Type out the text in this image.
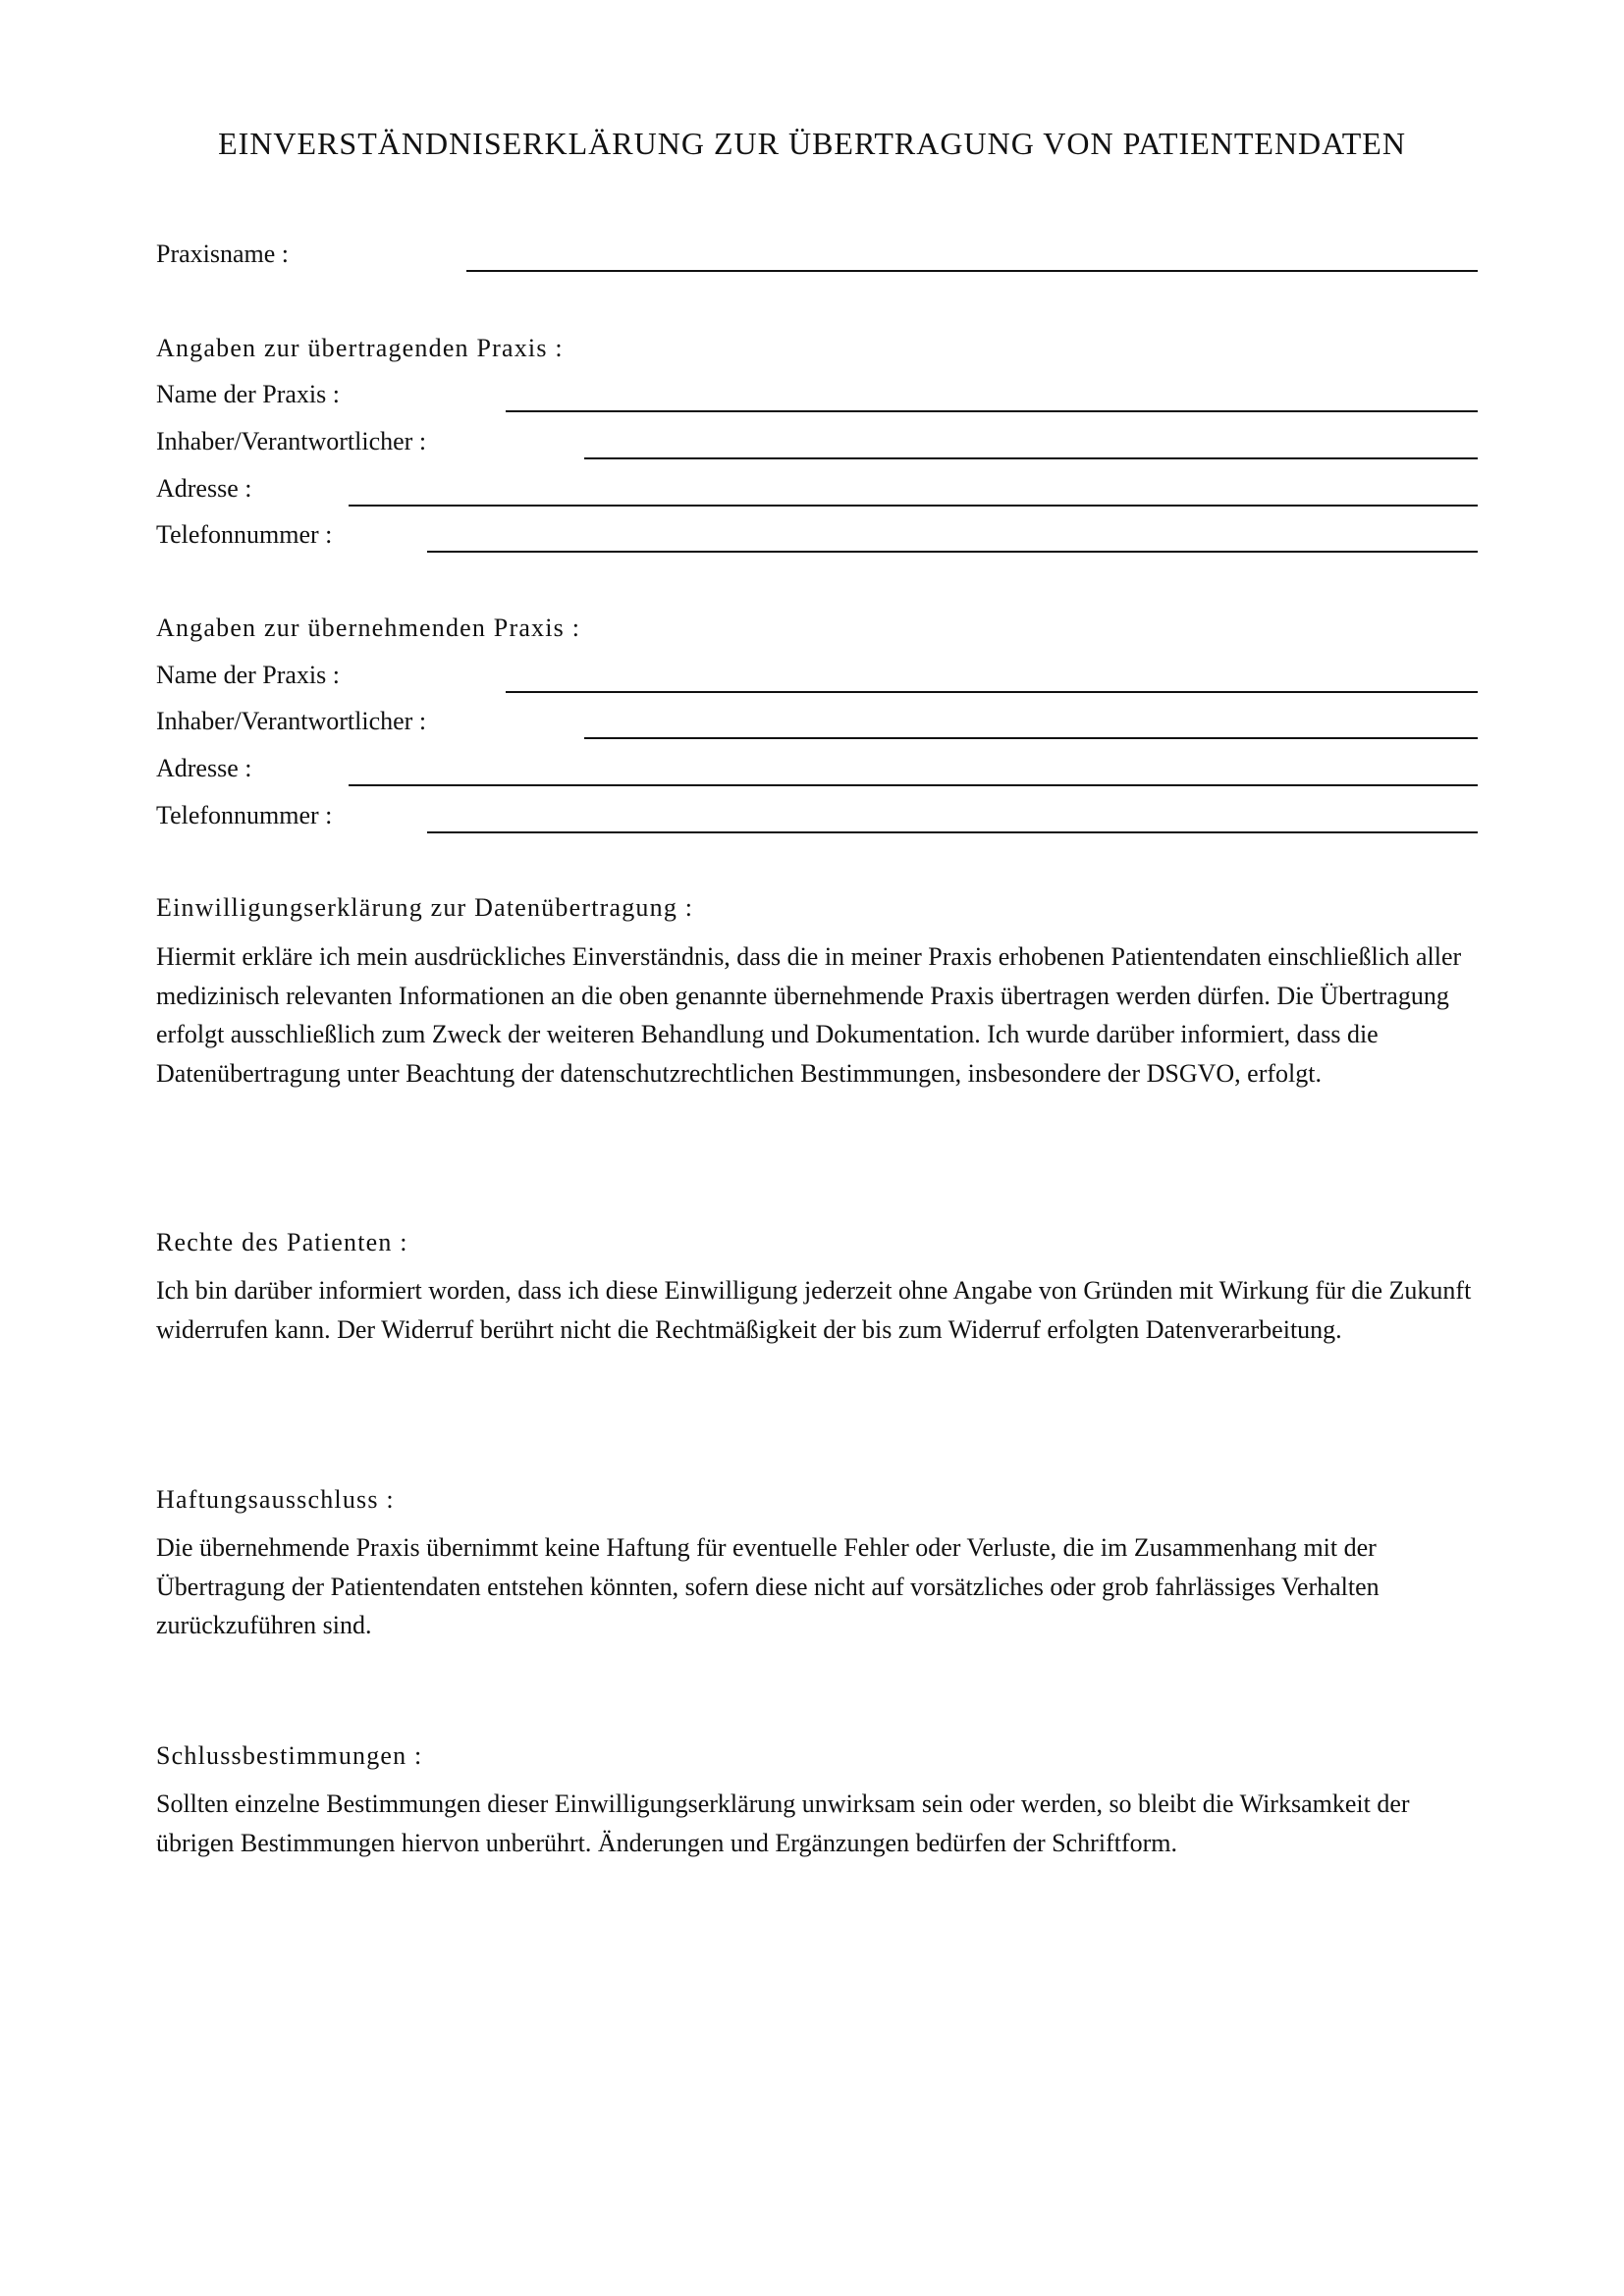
EINVERSTÄNDNISERKLÄRUNG ZUR ÜBERTRAGUNG VON PATIENTENDATEN
Praxisname :
Angaben zur übertragenden Praxis :
Name der Praxis :
Inhaber/Verantwortlicher :
Adresse :
Telefonnummer :
Angaben zur übernehmenden Praxis :
Name der Praxis :
Inhaber/Verantwortlicher :
Adresse :
Telefonnummer :
Einwilligungserklärung zur Datenübertragung :
Hiermit erkläre ich mein ausdrückliches Einverständnis, dass die in meiner Praxis erhobenen Patientendaten einschließlich aller medizinisch relevanten Informationen an die oben genannte übernehmende Praxis übertragen werden dürfen. Die Übertragung erfolgt ausschließlich zum Zweck der weiteren Behandlung und Dokumentation. Ich wurde darüber informiert, dass die Datenübertragung unter Beachtung der datenschutzrechtlichen Bestimmungen, insbesondere der DSGVO, erfolgt.
Rechte des Patienten :
Ich bin darüber informiert worden, dass ich diese Einwilligung jederzeit ohne Angabe von Gründen mit Wirkung für die Zukunft widerrufen kann. Der Widerruf berührt nicht die Rechtmäßigkeit der bis zum Widerruf erfolgten Datenverarbeitung.
Haftungsausschluss :
Die übernehmende Praxis übernimmt keine Haftung für eventuelle Fehler oder Verluste, die im Zusammenhang mit der Übertragung der Patientendaten entstehen könnten, sofern diese nicht auf vorsätzliches oder grob fahrlässiges Verhalten zurückzuführen sind.
Schlussbestimmungen :
Sollten einzelne Bestimmungen dieser Einwilligungserklärung unwirksam sein oder werden, so bleibt die Wirksamkeit der übrigen Bestimmungen hiervon unberührt. Änderungen und Ergänzungen bedürfen der Schriftform.
